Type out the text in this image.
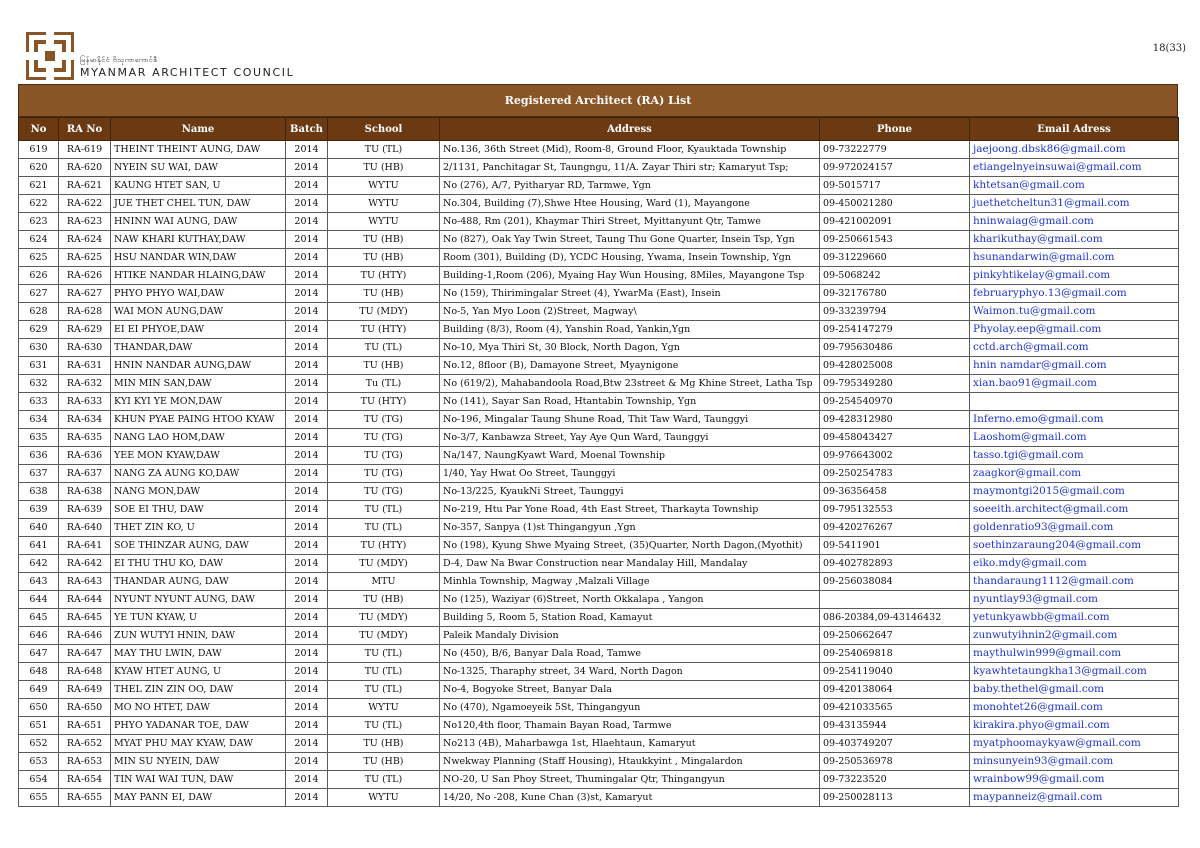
မြန်မာနိုင်ငံ ဗိသုကာကောင်စီ
MYANMAR ARCHITECT COUNCIL
18(33)
Registered Architect (RA) List
No	RA No	Name	Batch	School	Address	Phone	Email Adress
619	RA-619	THEINT THEINT AUNG, DAW	2014	TU (TL)	No.136, 36th Street (Mid), Room-8, Ground Floor, Kyauktada Township	09-73222779	jaejoong.dbsk86@gmail.com
620	RA-620	NYEIN SU WAI, DAW	2014	TU (HB)	2/1131, Panchitagar St, Taungngu, 11/A. Zayar Thiri str; Kamaryut Tsp;	09-972024157	etiangelnyeinsuwai@gmail.com
621	RA-621	KAUNG HTET SAN, U	2014	WYTU	No (276), A/7, Pyitharyar RD, Tarmwe, Ygn	09-5015717	khtetsan@gmail.com
622	RA-622	JUE THET CHEL TUN, DAW	2014	WYTU	No.304, Building (7),Shwe Htee Housing, Ward (1), Mayangone	09-450021280	juethetcheltun31@gmail.com
623	RA-623	HNINN WAI AUNG, DAW	2014	WYTU	No-488, Rm (201), Khaymar Thiri Street, Myittanyunt Qtr, Tamwe	09-421002091	hninwaiag@gmail.com
624	RA-624	NAW KHARI KUTHAY,DAW	2014	TU (HB)	No (827), Oak Yay Twin Street, Taung Thu Gone Quarter, Insein Tsp, Ygn	09-250661543	kharikuthay@gmail.com
625	RA-625	HSU NANDAR WIN,DAW	2014	TU (HB)	Room (301), Building (D), YCDC Housing, Ywama, Insein Township, Ygn	09-31229660	hsunandarwin@gmail.com
626	RA-626	HTIKE NANDAR HLAING,DAW	2014	TU (HTY)	Building-1,Room (206), Myaing Hay Wun Housing, 8Miles, Mayangone Tsp	09-5068242	pinkyhtikelay@gmail.com
627	RA-627	PHYO PHYO WAI,DAW	2014	TU (HB)	No (159), Thirimingalar Street (4), YwarMa (East), Insein	09-32176780	februaryphyo.13@gmail.com
628	RA-628	WAI MON AUNG,DAW	2014	TU (MDY)	No-5, Yan Myo Loon (2)Street, Magway\	09-33239794	Waimon.tu@gmail.com
629	RA-629	EI EI PHYOE,DAW	2014	TU (HTY)	Building (8/3), Room (4), Yanshin Road, Yankin,Ygn	09-254147279	Phyolay.eep@gmail.com
630	RA-630	THANDAR,DAW	2014	TU (TL)	No-10, Mya Thiri St, 30 Block, North Dagon, Ygn	09-795630486	cctd.arch@gmail.com
631	RA-631	HNIN NANDAR AUNG,DAW	2014	TU (HB)	No.12, 8floor (B), Damayone Street, Myaynigone	09-428025008	hnin namdar@gmail.com
632	RA-632	MIN MIN SAN,DAW	2014	Tu (TL)	No (619/2), Mahabandoola Road,Btw 23street & Mg Khine Street, Latha Tsp	09-795349280	xian.bao91@gmail.com
633	RA-633	KYI KYI YE MON,DAW	2014	TU (HTY)	No (141), Sayar San Road, Htantabin Township, Ygn	09-254540970	
634	RA-634	KHUN PYAE PAING HTOO KYAW	2014	TU (TG)	No-196, Mingalar Taung Shune Road, Thit Taw Ward, Taunggyi	09-428312980	Inferno.emo@gmail.com
635	RA-635	NANG LAO HOM,DAW	2014	TU (TG)	No-3/7, Kanbawza Street, Yay Aye Qun Ward, Taunggyi	09-458043427	Laoshom@gmail.com
636	RA-636	YEE MON KYAW,DAW	2014	TU (TG)	Na/147, NaungKyawt Ward, Moenal Township	09-976643002	tasso.tgi@gmail.com
637	RA-637	NANG ZA AUNG KO,DAW	2014	TU (TG)	1/40, Yay Hwat Oo Street, Taunggyi	09-250254783	zaagkor@gmail.com
638	RA-638	NANG MON,DAW	2014	TU (TG)	No-13/225, KyaukNi Street, Taunggyi	09-36356458	maymontgi2015@gmail.com
639	RA-639	SOE EI THU, DAW	2014	TU (TL)	No-219, Htu Par Yone Road, 4th East Street, Tharkayta Township	09-795132553	soeeith.architect@gmail.com
640	RA-640	THET ZIN KO, U	2014	TU (TL)	No-357, Sanpya (1)st Thingangyun ,Ygn	09-420276267	goldenratio93@gmail.com
641	RA-641	SOE THINZAR AUNG, DAW	2014	TU (HTY)	No (198), Kyung Shwe Myaing Street, (35)Quarter, North Dagon,(Myothit)	09-5411901	soethinzaraung204@gmail.com
642	RA-642	EI THU THU KO, DAW	2014	TU (MDY)	D-4, Daw Na Bwar Construction near Mandalay Hill, Mandalay	09-402782893	eiko.mdy@gmail.com
643	RA-643	THANDAR AUNG, DAW	2014	MTU	Minhla Township, Magway ,Malzali Village	09-256038084	thandaraung1112@gmail.com
644	RA-644	NYUNT NYUNT AUNG, DAW	2014	TU (HB)	No (125), Waziyar (6)Street, North Okkalapa , Yangon		nyuntlay93@gmail.com
645	RA-645	YE TUN KYAW, U	2014	TU (MDY)	Building 5, Room 5, Station Road, Kamayut	086-20384,09-43146432	yetunkyawbb@gmail.com
646	RA-646	ZUN WUTYI HNIN, DAW	2014	TU (MDY)	Paleik Mandaly Division	09-250662647	zunwutyihnin2@gmail.com
647	RA-647	MAY THU LWIN, DAW	2014	TU (TL)	No (450), B/6, Banyar Dala Road, Tamwe	09-254069818	maythulwin999@gmail.com
648	RA-648	KYAW HTET AUNG, U	2014	TU (TL)	No-1325, Tharaphy street, 34 Ward, North Dagon	09-254119040	kyawhtetaungkha13@gmail.com
649	RA-649	THEL ZIN ZIN OO, DAW	2014	TU (TL)	No-4, Bogyoke Street, Banyar Dala	09-420138064	baby.thethel@gmail.com
650	RA-650	MO NO HTET, DAW	2014	WYTU	No (470), Ngamoeyeik 5St, Thingangyun	09-421033565	monohtet26@gmail.com
651	RA-651	PHYO YADANAR TOE, DAW	2014	TU (TL)	No120,4th floor, Thamain Bayan Road, Tarmwe	09-43135944	kirakira.phyo@gmail.com
652	RA-652	MYAT PHU MAY KYAW, DAW	2014	TU (HB)	No213 (4B), Maharbawga 1st, Hlaehtaun, Kamaryut	09-403749207	myatphoomaykyaw@gmail.com
653	RA-653	MIN SU NYEIN, DAW	2014	TU (HB)	Nwekway Planning (Staff Housing), Htaukkyint , Mingalardon	09-250536978	minsunyein93@gmail.com
654	RA-654	TIN WAI WAI TUN, DAW	2014	TU (TL)	NO-20, U San Phoy Street, Thumingalar Qtr, Thingangyun	09-73223520	wrainbow99@gmail.com
655	RA-655	MAY PANN EI, DAW	2014	WYTU	14/20, No -208, Kune Chan (3)st, Kamaryut	09-250028113	maypanneiz@gmail.com
